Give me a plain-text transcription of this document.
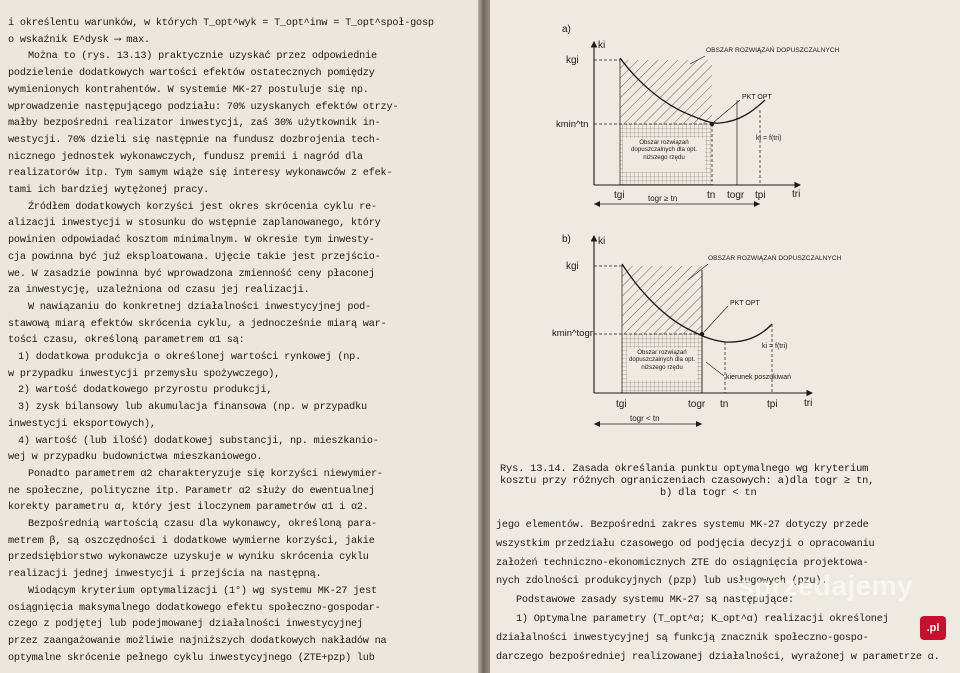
i określentu warunków, w których T_opt^wyk = T_opt^inw = T_opt^społ-gosp
o wskaźnik E^dysk ⟶ max.
Można to (rys. 13.13) praktycznie uzyskać przez odpowiednie
podzielenie dodatkowych wartości efektów ostatecznych pomiędzy
wymienionych kontrahentów. W systemie MK-27 postuluje się np.
wprowadzenie następującego podziału: 70% uzyskanych efektów otrzy-
małby bezpośredni realizator inwestycji, zaś 30% użytkownik in-
westycji. 70% dzieli się następnie na fundusz dozbrojenia tech-
nicznego jednostek wykonawczych, fundusz premii i nagród dla
realizatorów itp. Tym samym wiąże się interesy wykonawców z efek-
tami ich bardziej wytężonej pracy.
Źródłem dodatkowych korzyści jest okres skrócenia cyklu re-
alizacji inwestycji w stosunku do wstępnie zaplanowanego, który
powinien odpowiadać kosztom minimalnym. W okresie tym inwesty-
cja powinna być już eksploatowana. Ujęcie takie jest przejścio-
we. W zasadzie powinna być wprowadzona zmienność ceny płaconej
za inwestycję, uzależniona od czasu jej realizacji.
W nawiązaniu do konkretnej działalności inwestycyjnej pod-
stawową miarą efektów skrócenia cyklu, a jednocześnie miarą war-
tości czasu, określoną parametrem α1 są:
1) dodatkowa produkcja o określonej wartości rynkowej (np.
w przypadku inwestycji przemysłu spożywczego),
2) wartość dodatkowego przyrostu produkcji,
3) zysk bilansowy lub akumulacja finansowa (np. w przypadku
inwestycji eksportowych),
4) wartość (lub ilość) dodatkowej substancji, np. mieszkanio-
wej w przypadku budownictwa mieszkaniowego.
Ponadto parametrem α2 charakteryzuje się korzyści niewymier-
ne społeczne, polityczne itp. Parametr α2 służy do ewentualnej
korekty parametru α, który jest iloczynem parametrów α1 i α2.
Bezpośrednią wartością czasu dla wykonawcy, określoną para-
metrem β, są oszczędności i dodatkowe wymierne korzyści, jakie
przedsiębiorstwo wykonawcze uzyskuje w wyniku skrócenia cyklu
realizacji jednej inwestycji i przejścia na następną.
Wiodącym kryterium optymalizacji (1°) wg systemu MK-27 jest
osiągnięcia maksymalnego dodatkowego efektu społeczno-gospodar-
czego z podjętej lub podejmowanej działalności inwestycyjnej
przez zaangażowanie możliwie najniższych dodatkowych nakładów na
optymalne skrócenie pełnego cyklu inwestycyjnego (ZTE+pzp) lub
a)
ki
tri
kgi
kmin^tn
tgi	tn togr tpi
OBSZAR ROZWIĄZAŃ DOPUSZCZALNYCH
PKT OPT
ki = f(tri)
Obszar rozwiązań dopuszczalnych dla opt. niższego rzędu
togr ≥ tn
b)	ki
tri
kgi
kmin^togr
tgi	togr tn	tpi
OBSZAR ROZWIĄZAŃ DOPUSZCZALNYCH
PKT OPT
ki = f(tri)
kierunek poszukiwań
Obszar rozwiązań dopuszczalnych dla opt. niższego rzędu
togr < tn
Rys. 13.14. Zasada określania punktu optymalnego wg kryterium
kosztu przy różnych ograniczeniach czasowych: a)dla togr ≥ tn,
b) dla togr < tn
jego elementów. Bezpośredni zakres systemu MK-27 dotyczy przede
wszystkim przedziału czasowego od podjęcia decyzji o opracowaniu
założeń techniczno-ekonomicznych ZTE do osiągnięcia projektowa-
nych zdolności produkcyjnych (pzp) lub usługowych (pzu).
Podstawowe zasady systemu MK-27 są następujące:
1) Optymalne parametry (T_opt^α; K_opt^α) realizacji określonej
działalności inwestycyjnej są funkcją znacznik społeczno-gospo-
darczego bezpośredniej realizowanej działalności, wyrażonej w parametrze α.
sprzedajemy
.pl
